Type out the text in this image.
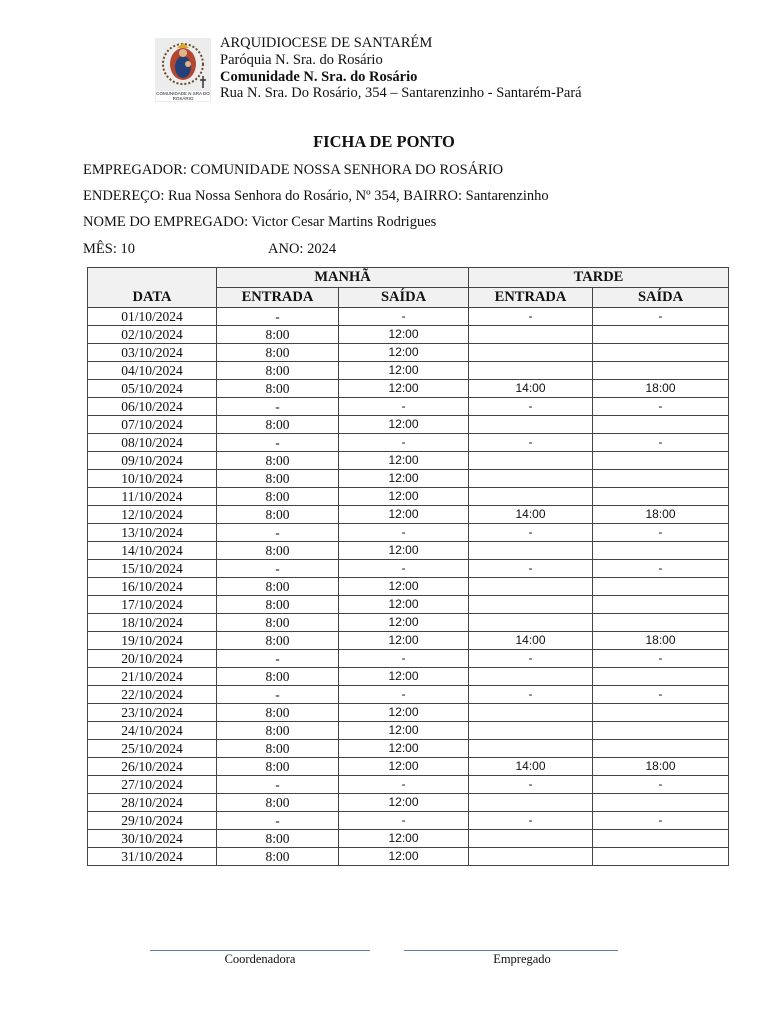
COMUNIDADE N.SRA DO ROSÁRIO
ARQUIDIOCESE DE SANTARÉM
Paróquia N. Sra. do Rosário
Comunidade N. Sra. do Rosário
Rua N. Sra. Do Rosário, 354 – Santarenzinho - Santarém-Pará
FICHA DE PONTO
EMPREGADOR: COMUNIDADE NOSSA SENHORA DO ROSÁRIO
ENDEREÇO: Rua Nossa Senhora do Rosário, Nº 354, BAIRRO: Santarenzinho
NOME DO EMPREGADO: Victor Cesar Martins Rodrigues
MÊS: 10	ANO: 2024
	MANHÃ		TARDE	
DATA	ENTRADA	SAÍDA	ENTRADA	SAÍDA
01/10/2024	-	-	-	-
02/10/2024	8:00	12:00		
03/10/2024	8:00	12:00		
04/10/2024	8:00	12:00		
05/10/2024	8:00	12:00	14:00	18:00
06/10/2024	-	-	-	-
07/10/2024	8:00	12:00		
08/10/2024	-	-	-	-
09/10/2024	8:00	12:00		
10/10/2024	8:00	12:00		
11/10/2024	8:00	12:00		
12/10/2024	8:00	12:00	14:00	18:00
13/10/2024	-	-	-	-
14/10/2024	8:00	12:00		
15/10/2024	-	-	-	-
16/10/2024	8:00	12:00		
17/10/2024	8:00	12:00		
18/10/2024	8:00	12:00		
19/10/2024	8:00	12:00	14:00	18:00
20/10/2024	-	-	-	-
21/10/2024	8:00	12:00		
22/10/2024	-	-	-	-
23/10/2024	8:00	12:00		
24/10/2024	8:00	12:00		
25/10/2024	8:00	12:00		
26/10/2024	8:00	12:00	14:00	18:00
27/10/2024	-	-	-	-
28/10/2024	8:00	12:00		
29/10/2024	-	-	-	-
30/10/2024	8:00	12:00		
31/10/2024	8:00	12:00		
Coordenadora	Empregado
